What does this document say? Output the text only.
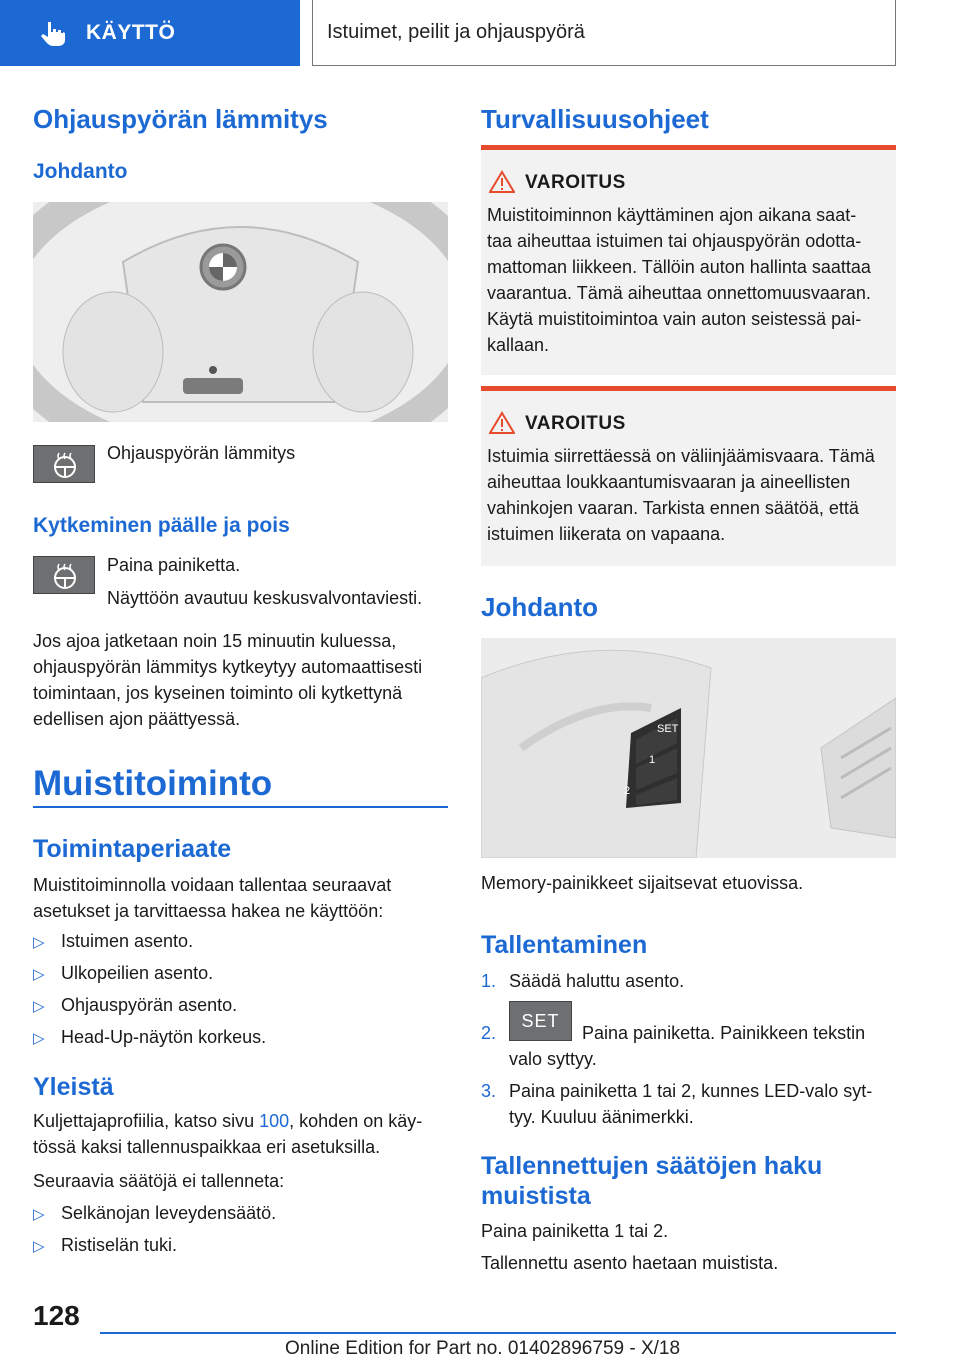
KÄYTTÖ	Istuimet, peilit ja ohjauspyörä
Ohjauspyörän lämmitys
Johdanto
Ohjauspyörän lämmitys
Kytkeminen päälle ja pois
Paina painiketta.
Näyttöön avautuu keskusvalvontaviesti.
Jos ajoa jatketaan noin 15 minuutin kuluessa,
ohjauspyörän lämmitys kytkeytyy automaattisesti
toimintaan, jos kyseinen toiminto oli kytkettynä
edellisen ajon päättyessä.
Muistitoiminto
Toimintaperiaate
Muistitoiminnolla voidaan tallentaa seuraavat
asetukset ja tarvittaessa hakea ne käyttöön:
▷ Istuimen asento.
▷ Ulkopeilien asento.
▷ Ohjauspyörän asento.
▷ Head-Up-näytön korkeus.
Yleistä
Kuljettajaprofiilia, katso sivu 100, kohden on käy-
tössä kaksi tallennuspaikkaa eri asetuksilla.
Seuraavia säätöjä ei tallenneta:
▷ Selkänojan leveydensäätö.
▷ Ristiselän tuki.
Turvallisuusohjeet
VAROITUS
Muistitoiminnon käyttäminen ajon aikana saat-
taa aiheuttaa istuimen tai ohjauspyörän odotta-
mattoman liikkeen. Tällöin auton hallinta saattaa
vaarantua. Tämä aiheuttaa onnettomuusvaaran.
Käytä muistitoimintoa vain auton seistessä pai-
kallaan.
VAROITUS
Istuimia siirrettäessä on väliinjäämisvaara. Tämä
aiheuttaa loukkaantumisvaaran ja aineellisten
vahinkojen vaaran. Tarkista ennen säätöä, että
istuimen liikerata on vapaana.
Johdanto
SET
1
2
Memory-painikkeet sijaitsevat etuovissa.
Tallentaminen
1. Säädä haluttu asento.
2.
SET
Paina painiketta. Painikkeen tekstin
valo syttyy.
3. Paina painiketta 1 tai 2, kunnes LED-valo syt-
tyy. Kuuluu äänimerkki.
Tallennettujen säätöjen haku
muistista
Paina painiketta 1 tai 2.
Tallennettu asento haetaan muistista.
128
Online Edition for Part no. 01402896759 - X/18
